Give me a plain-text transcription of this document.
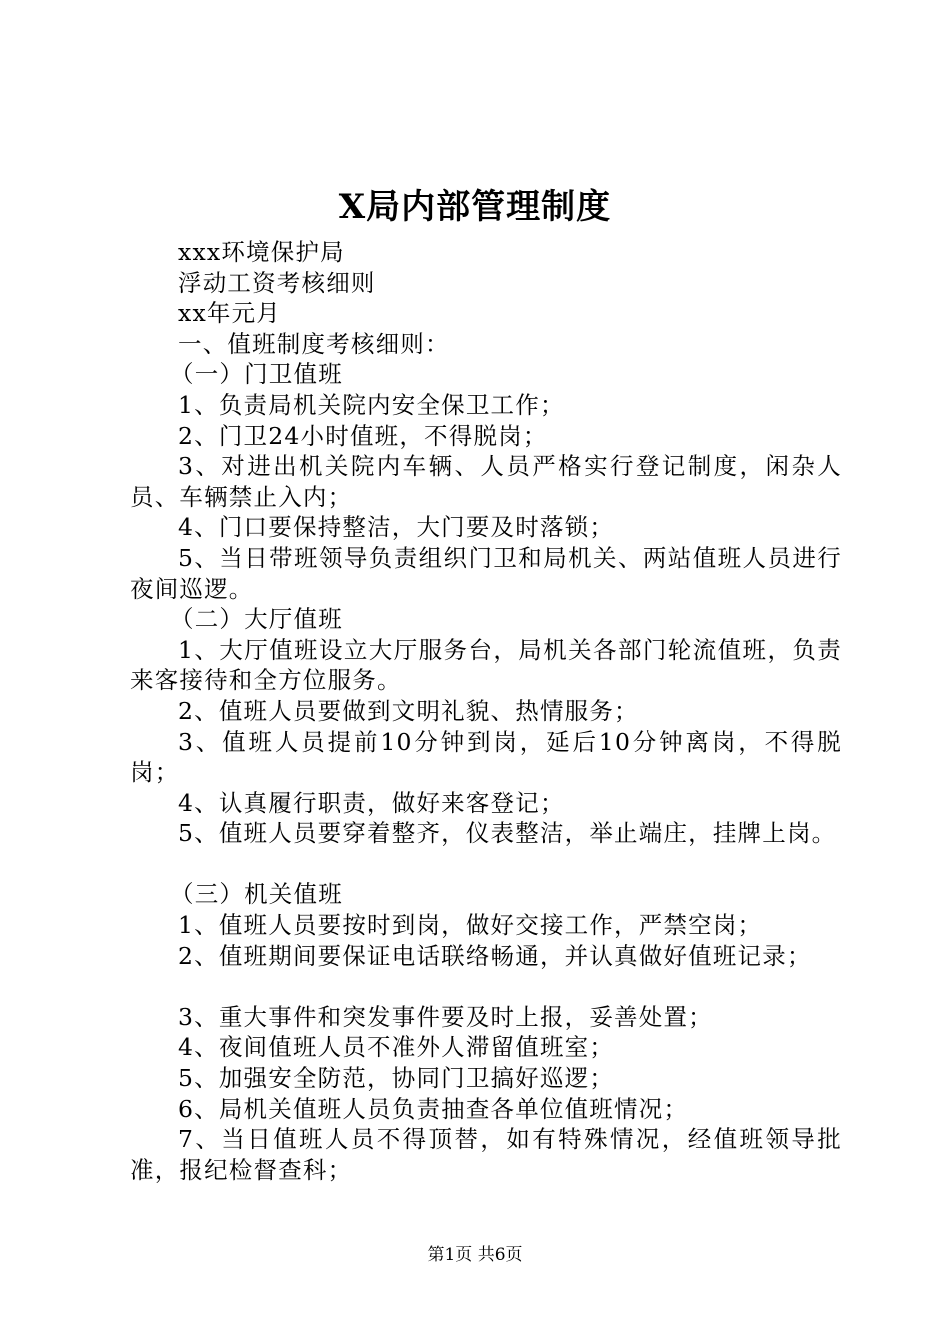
X局内部管理制度

xxx环境保护局

浮动工资考核细则

xx年元月

一、值班制度考核细则：

（一）门卫值班

1、负责局机关院内安全保卫工作；

2、门卫24小时值班，不得脱岗；

3、对进出机关院内车辆、人员严格实行登记制度，闲杂人员、车辆禁止入内；

4、门口要保持整洁，大门要及时落锁；

5、当日带班领导负责组织门卫和局机关、两站值班人员进行夜间巡逻。

（二）大厅值班

1、大厅值班设立大厅服务台，局机关各部门轮流值班，负责来客接待和全方位服务。

2、值班人员要做到文明礼貌、热情服务；

3、值班人员提前10分钟到岗，延后10分钟离岗，不得脱岗；

4、认真履行职责，做好来客登记；

5、值班人员要穿着整齐，仪表整洁，举止端庄，挂牌上岗。

（三）机关值班

1、值班人员要按时到岗，做好交接工作，严禁空岗；

2、值班期间要保证电话联络畅通，并认真做好值班记录；

3、重大事件和突发事件要及时上报，妥善处置；

4、夜间值班人员不准外人滞留值班室；

5、加强安全防范，协同门卫搞好巡逻；

6、局机关值班人员负责抽查各单位值班情况；

7、当日值班人员不得顶替，如有特殊情况，经值班领导批准，报纪检督查科；

第1页 共6页
